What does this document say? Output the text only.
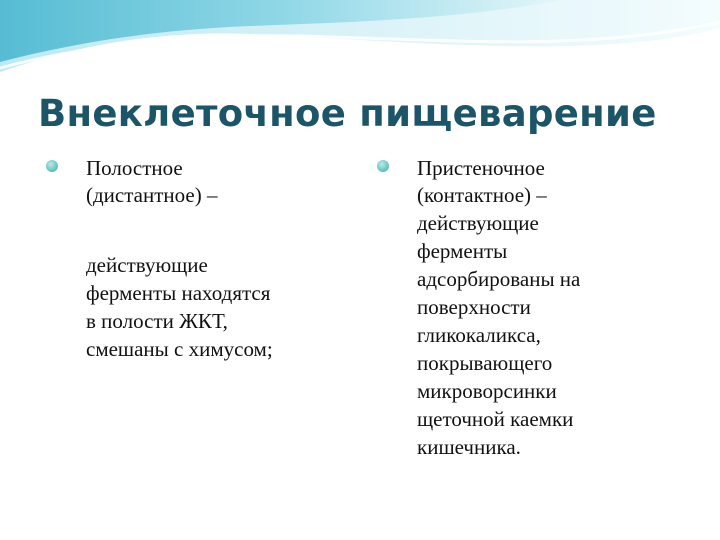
Внеклеточное пищеварение

Полостное
(дистантное) –

действующие
ферменты находятся
в полости ЖКТ,
смешаны с химусом;

Пристеночное
(контактное) –

действующие
ферменты
адсорбированы на
поверхности
гликокаликса,
покрывающего
микроворсинки
щеточной каемки
кишечника.
